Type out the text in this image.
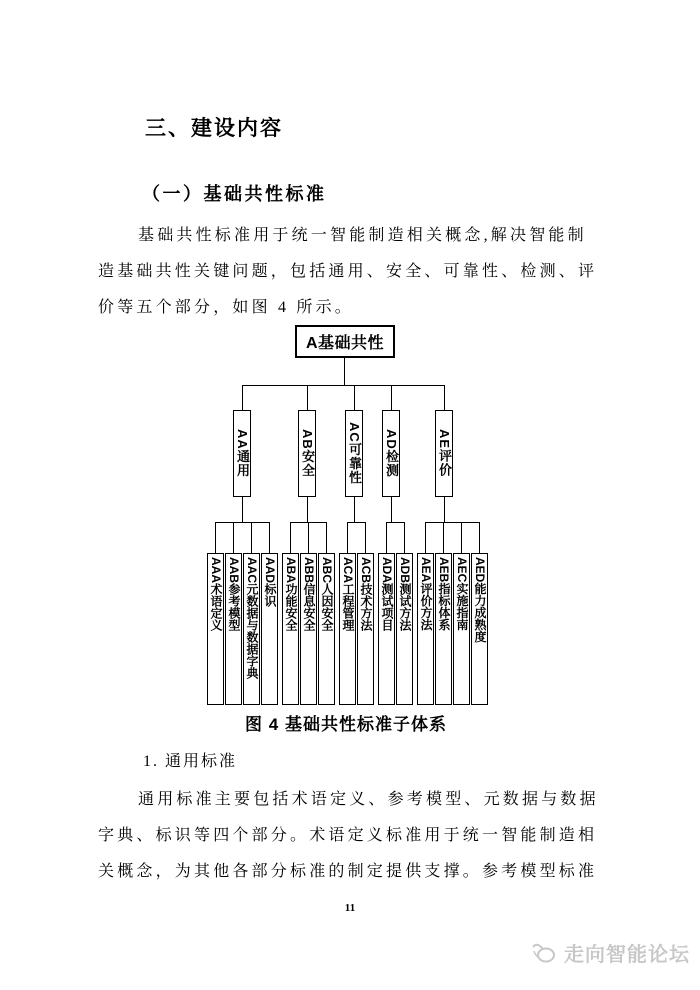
三、建设内容
（一）基础共性标准
基础共性标准用于统一智能制造相关概念,解决智能制
造基础共性关键问题，包括通用、安全、可靠性、检测、评
价等五个部分，如图 4 所示。
A基础共性
AA通用	AB安全 AC可靠性 AD检测	AE评价
AAA术语定义 AAB参考模型 AAC元数据与数据字典 AAD标识 ABA功能安全 ABB信息安全 ABC人因安全 ACA工程管理 ACB技术方法 ADA测试项目 ADB测试方法 AEA评价方法 AEB指标体系 AEC实施指南 AED能力成熟度
图 4 基础共性标准子体系
1. 通用标准
通用标准主要包括术语定义、参考模型、元数据与数据
字典、标识等四个部分。术语定义标准用于统一智能制造相
关概念，为其他各部分标准的制定提供支撑。参考模型标准
11
走向智能论坛
